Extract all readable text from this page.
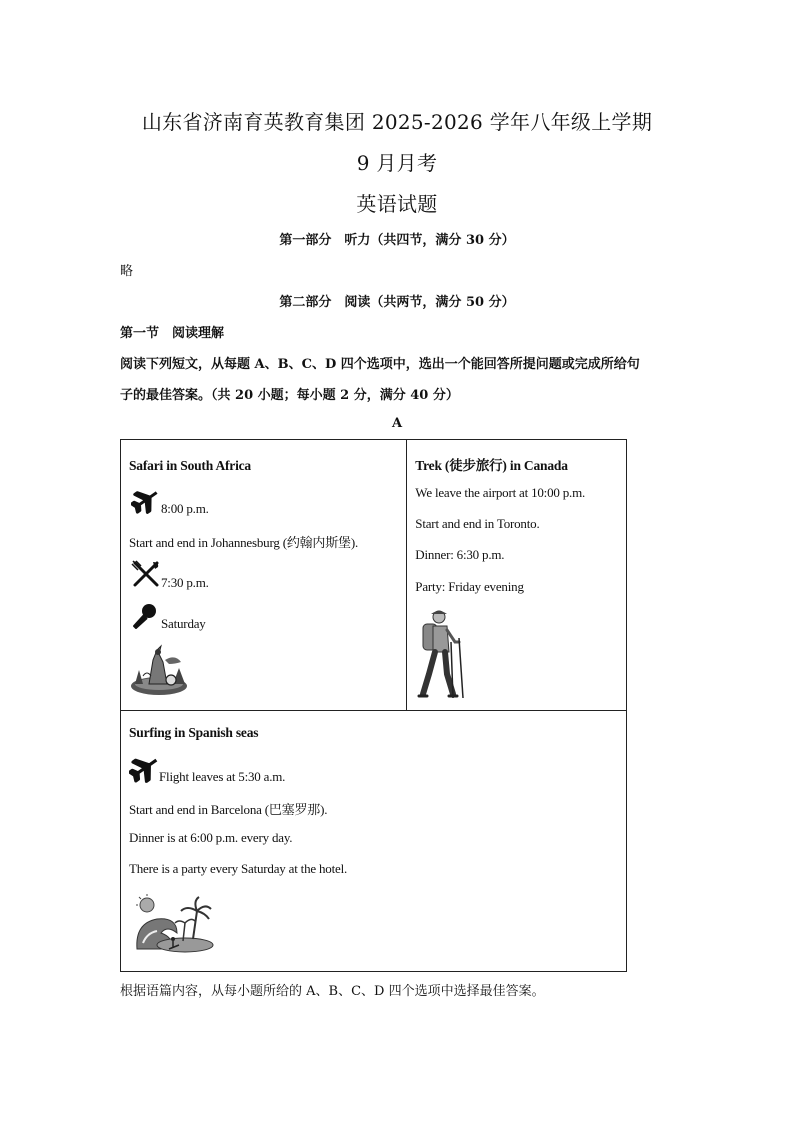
山东省济南育英教育集团 2025-2026 学年八年级上学期
9 月月考
英语试题
第一部分　听力（共四节，满分 30 分）
略
第二部分　阅读（共两节，满分 50 分）
第一节　阅读理解
阅读下列短文，从每题 A、B、C、D 四个选项中，选出一个能回答所提问题或完成所给句
子的最佳答案。（共 20 小题；每小题 2 分，满分 40 分）
A
Safari in South Africa
8:00 p.m.
Start and end in Johannesburg (约翰内斯堡).
7:30 p.m.
Saturday

Trek (徒步旅行) in Canada
We leave the airport at 10:00 p.m.
Start and end in Toronto.
Dinner: 6:30 p.m.
Party: Friday evening

Surfing in Spanish seas
Flight leaves at 5:30 a.m.
Start and end in Barcelona (巴塞罗那).
Dinner is at 6:00 p.m. every day.
There is a party every Saturday at the hotel.
根据语篇内容，从每小题所给的 A、B、C、D 四个选项中选择最佳答案。
